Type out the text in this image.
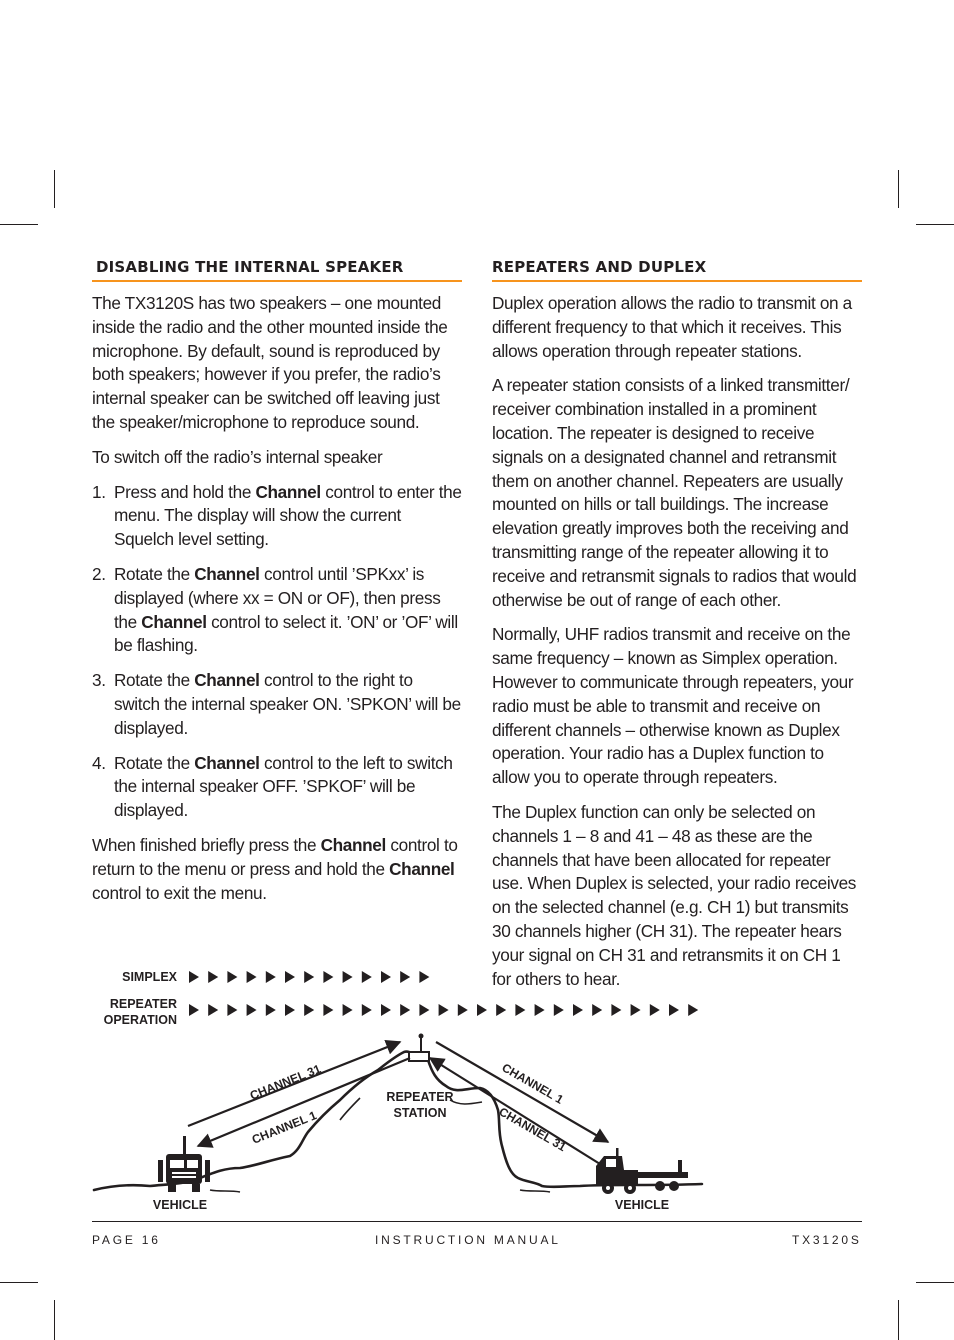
DISABLING THE INTERNAL SPEAKER

The TX3120S has two speakers – one mounted inside the radio and the other mounted inside the microphone. By default, sound is reproduced by both speakers; however if you prefer, the radio’s internal speaker can be switched off leaving just the speaker/microphone to reproduce sound.

To switch off the radio’s internal speaker

1. Press and hold the Channel control to enter the menu. The display will show the current Squelch level setting.
2. Rotate the Channel control until ’SPKxx’ is displayed (where xx = ON or OF), then press the Channel control to select it. ’ON’ or ’OF’ will be flashing.
3. Rotate the Channel control to the right to switch the internal speaker ON. ’SPKON’ will be displayed.
4. Rotate the Channel control to the left to switch the internal speaker OFF. ’SPKOF’ will be displayed.

When finished briefly press the Channel control to return to the menu or press and hold the Channel control to exit the menu.

REPEATERS AND DUPLEX

Duplex operation allows the radio to transmit on a different frequency to that which it receives. This allows operation through repeater stations.

A repeater station consists of a linked transmitter/ receiver combination installed in a prominent location. The repeater is designed to receive signals on a designated channel and retransmit them on another channel. Repeaters are usually mounted on hills or tall buildings. The increase elevation greatly improves both the receiving and transmitting range of the repeater allowing it to receive and retransmit signals to radios that would otherwise be out of range of each other.

Normally, UHF radios transmit and receive on the same frequency – known as Simplex operation. However to communicate through repeaters, your radio must be able to transmit and receive on different channels – otherwise known as Duplex operation. Your radio has a Duplex function to allow you to operate through repeaters.

The Duplex function can only be selected on channels 1 – 8 and 41 – 48 as these are the channels that have been allocated for repeater use. When Duplex is selected, your radio receives on the selected channel (e.g. CH 1) but transmits 30 channels higher (CH 31). The repeater hears your signal on CH 31 and retransmits it on CH 1 for others to hear.

SIMPLEX
REPEATER
OPERATION
REPEATER
STATION
CHANNEL 31
CHANNEL 1
CHANNEL 1
CHANNEL 31
VEHICLE	VEHICLE
PAGE 16	INSTRUCTION MANUAL	TX3120S
